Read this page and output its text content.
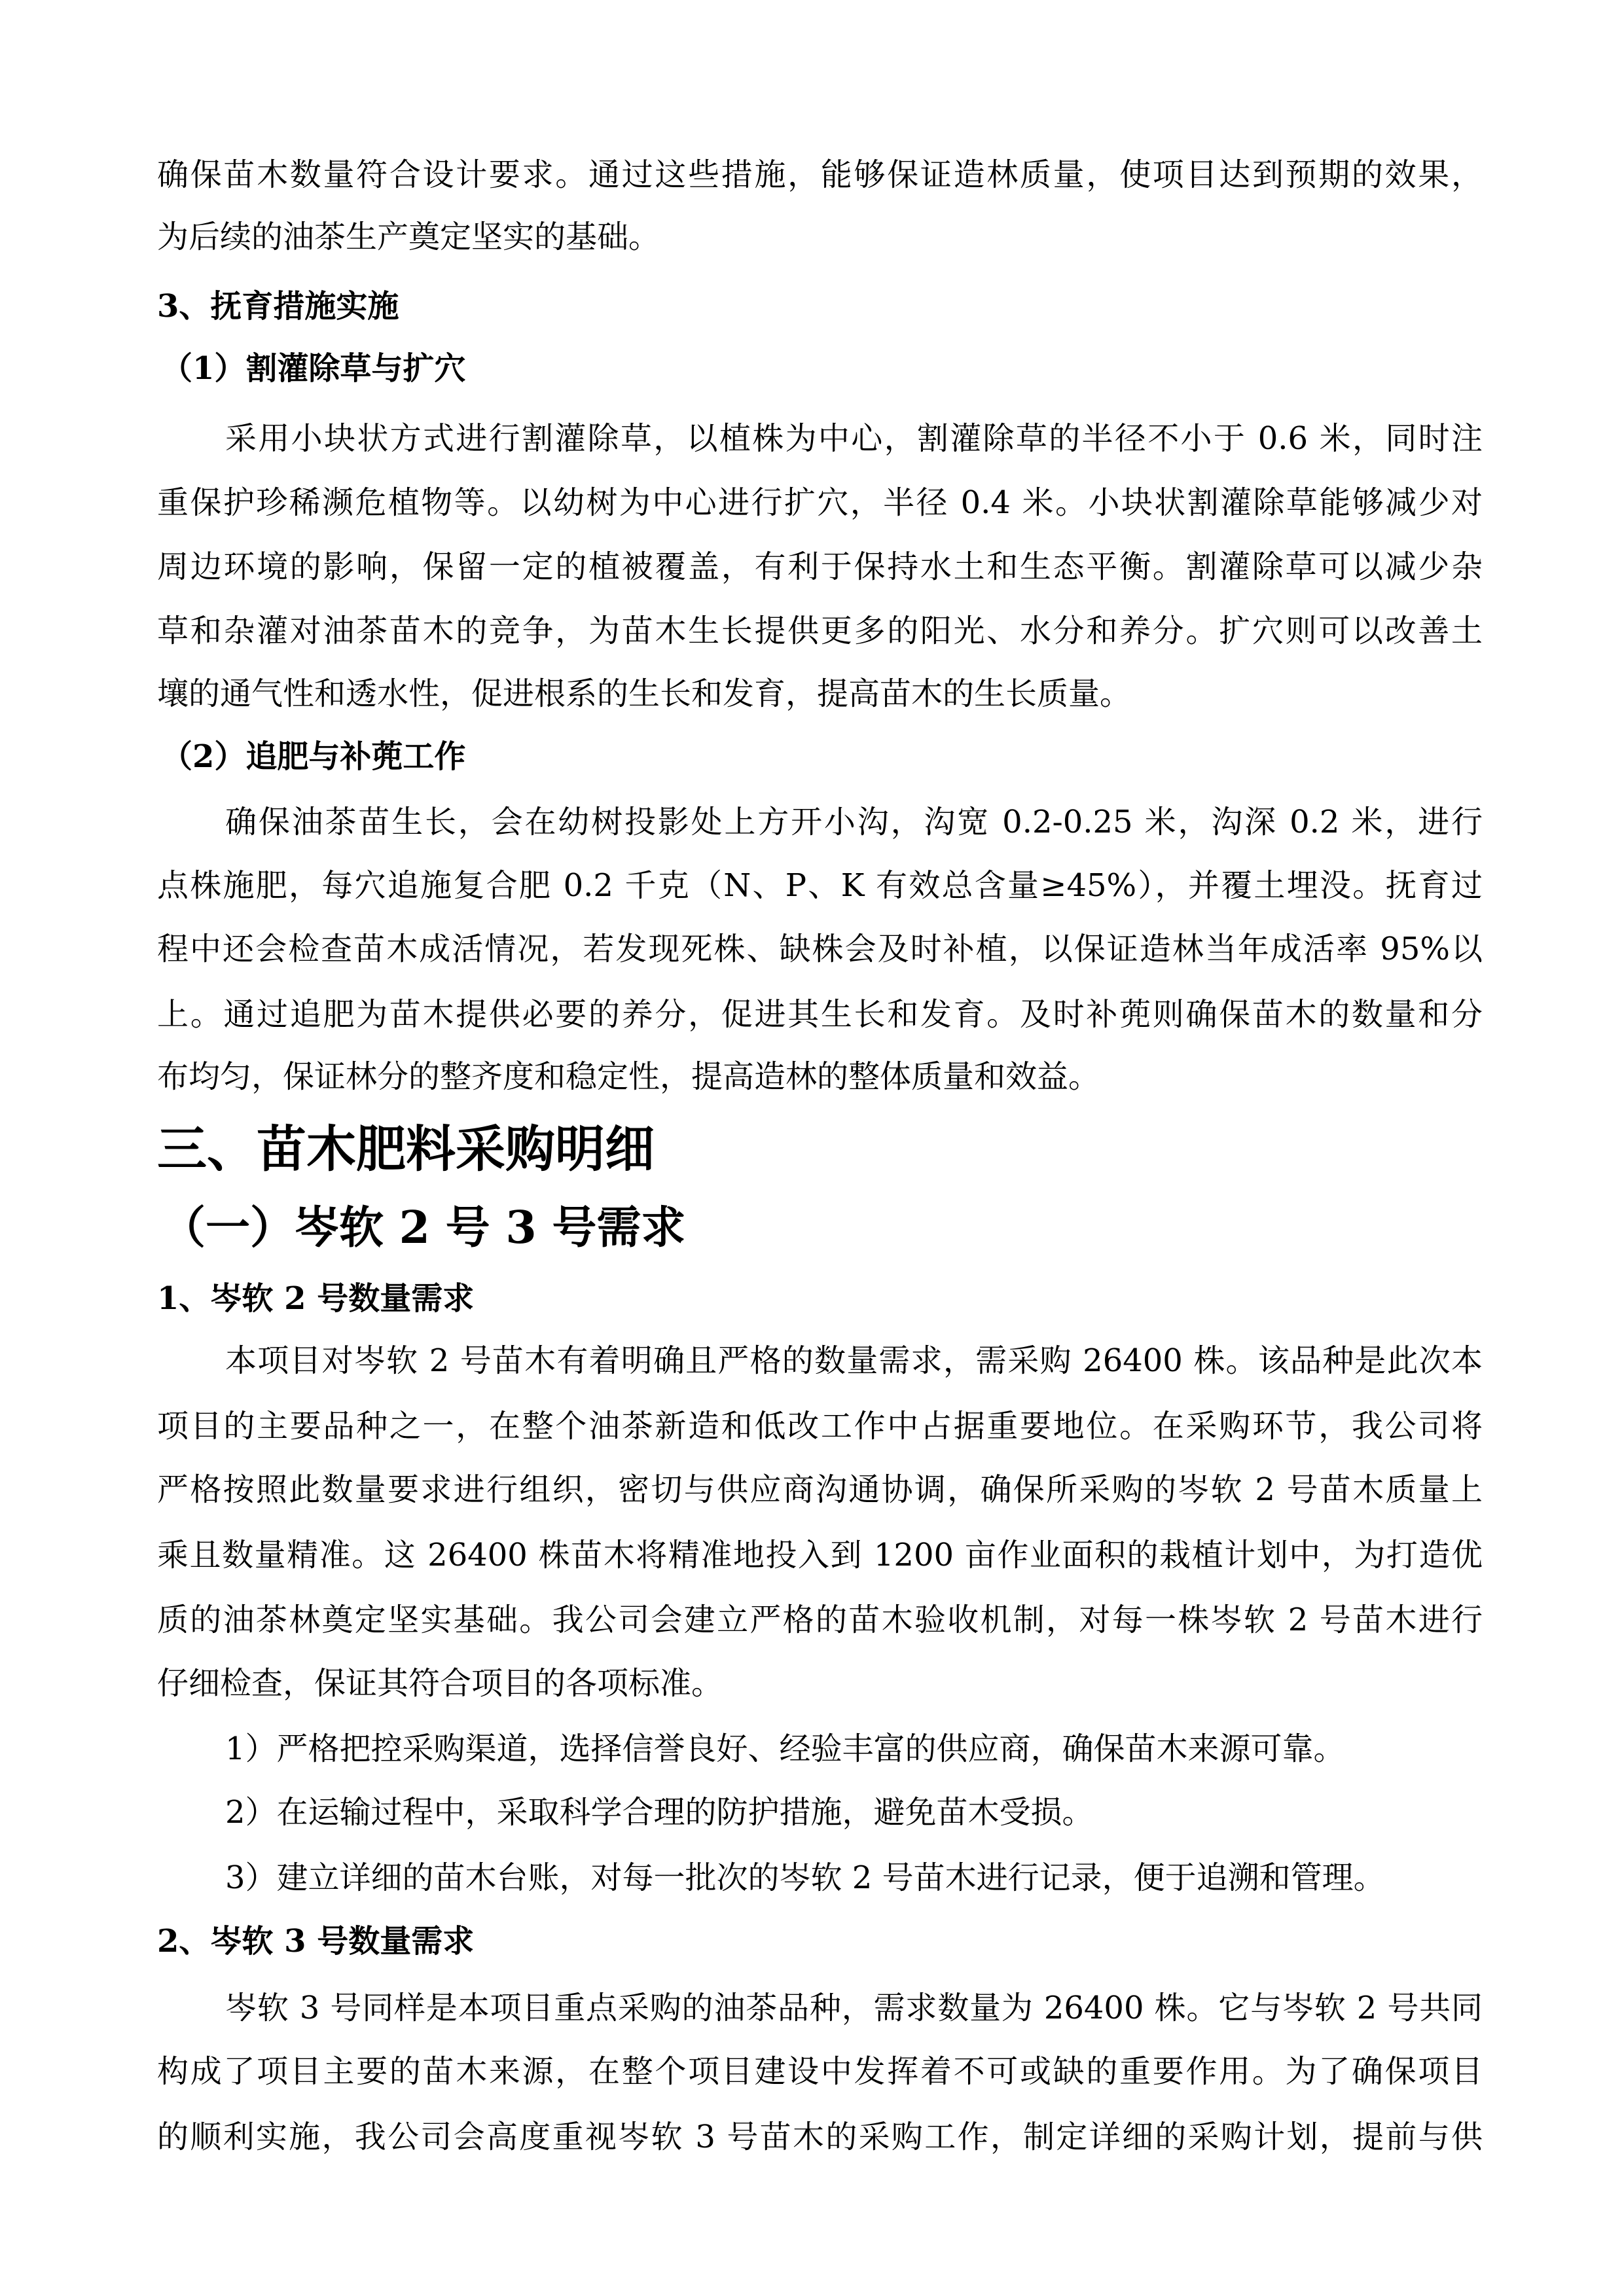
确保苗木数量符合设计要求。通过这些措施，能够保证造林质量，使项目达到预期的效果，
为后续的油茶生产奠定坚实的基础。
3、抚育措施实施
（1）割灌除草与扩穴
采用小块状方式进行割灌除草，以植株为中心，割灌除草的半径不小于 0.6 米，同时注
重保护珍稀濒危植物等。以幼树为中心进行扩穴，半径 0.4 米。小块状割灌除草能够减少对
周边环境的影响，保留一定的植被覆盖，有利于保持水土和生态平衡。割灌除草可以减少杂
草和杂灌对油茶苗木的竞争，为苗木生长提供更多的阳光、水分和养分。扩穴则可以改善土
壤的通气性和透水性，促进根系的生长和发育，提高苗木的生长质量。
（2）追肥与补蔸工作
确保油茶苗生长，会在幼树投影处上方开小沟，沟宽 0.2-0.25 米，沟深 0.2 米，进行
点株施肥，每穴追施复合肥 0.2 千克（N、P、K 有效总含量≥45%），并覆土埋没。抚育过
程中还会检查苗木成活情况，若发现死株、缺株会及时补植，以保证造林当年成活率 95%以
上。通过追肥为苗木提供必要的养分，促进其生长和发育。及时补蔸则确保苗木的数量和分
布均匀，保证林分的整齐度和稳定性，提高造林的整体质量和效益。
三、苗木肥料采购明细
（一）岑软 2 号 3 号需求
1、岑软 2 号数量需求
本项目对岑软 2 号苗木有着明确且严格的数量需求，需采购 26400 株。该品种是此次本
项目的主要品种之一，在整个油茶新造和低改工作中占据重要地位。在采购环节，我公司将
严格按照此数量要求进行组织，密切与供应商沟通协调，确保所采购的岑软 2 号苗木质量上
乘且数量精准。这 26400 株苗木将精准地投入到 1200 亩作业面积的栽植计划中，为打造优
质的油茶林奠定坚实基础。我公司会建立严格的苗木验收机制，对每一株岑软 2 号苗木进行
仔细检查，保证其符合项目的各项标准。
1）严格把控采购渠道，选择信誉良好、经验丰富的供应商，确保苗木来源可靠。
2）在运输过程中，采取科学合理的防护措施，避免苗木受损。
3）建立详细的苗木台账，对每一批次的岑软 2 号苗木进行记录，便于追溯和管理。
2、岑软 3 号数量需求
岑软 3 号同样是本项目重点采购的油茶品种，需求数量为 26400 株。它与岑软 2 号共同
构成了项目主要的苗木来源，在整个项目建设中发挥着不可或缺的重要作用。为了确保项目
的顺利实施，我公司会高度重视岑软 3 号苗木的采购工作，制定详细的采购计划，提前与供
